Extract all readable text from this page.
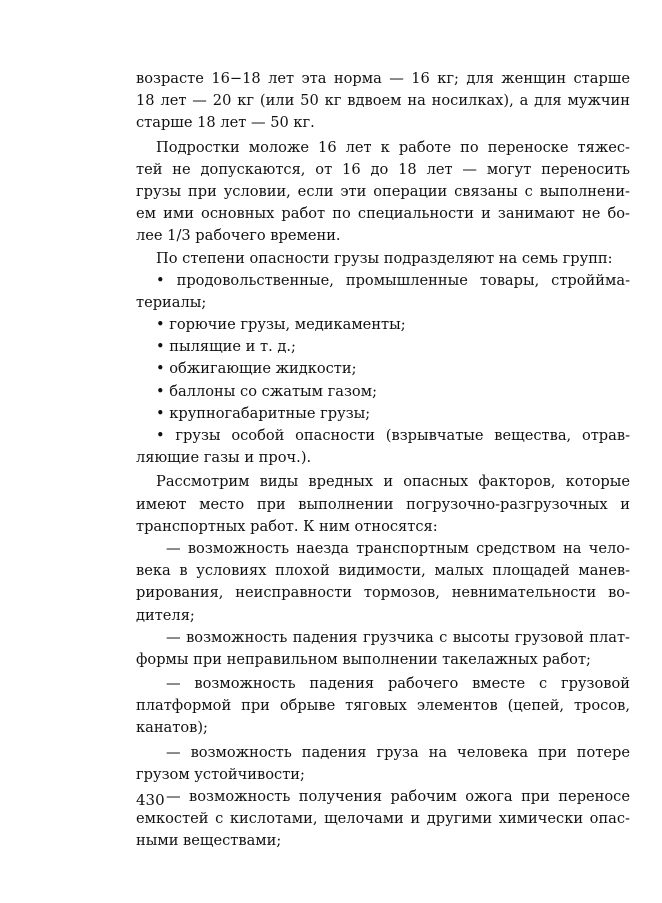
возрасте 16−18 лет эта норма — 16 кг; для женщин старше
18 лет — 20 кг (или 50 кг вдвоем на носилках), а для мужчин
старше 18 лет — 50 кг.
Подростки моложе 16 лет к работе по переноске тяжес-
тей не допускаются, от 16 до 18 лет — могут переносить
грузы при условии, если эти операции связаны с выполнени-
ем ими основных работ по специальности и занимают не бо-
лее 1/3 рабочего времени.
По степени опасности грузы подразделяют на семь групп:
• продовольственные, промышленные товары, строййма-
териалы;
• горючие грузы, медикаменты;
• пылящие и т. д.;
• обжигающие жидкости;
• баллоны со сжатым газом;
• крупногабаритные грузы;
• грузы особой опасности (взрывчатые вещества, отрав-
ляющие газы и проч.).
Рассмотрим виды вредных и опасных факторов, которые
имеют место при выполнении погрузочно-разгрузочных и
транспортных работ. К ним относятся:
— возможность наезда транспортным средством на чело-
века в условиях плохой видимости, малых площадей манев-
рирования, неисправности тормозов, невнимательности во-
дителя;
— возможность падения грузчика с высоты грузовой плат-
формы при неправильном выполнении такелажных работ;
— возможность падения рабочего вместе с грузовой
платформой при обрыве тяговых элементов (цепей, тросов,
канатов);
— возможность падения груза на человека при потере
грузом устойчивости;
— возможность получения рабочим ожога при переносе
емкостей с кислотами, щелочами и другими химически опас-
ными веществами;
430
